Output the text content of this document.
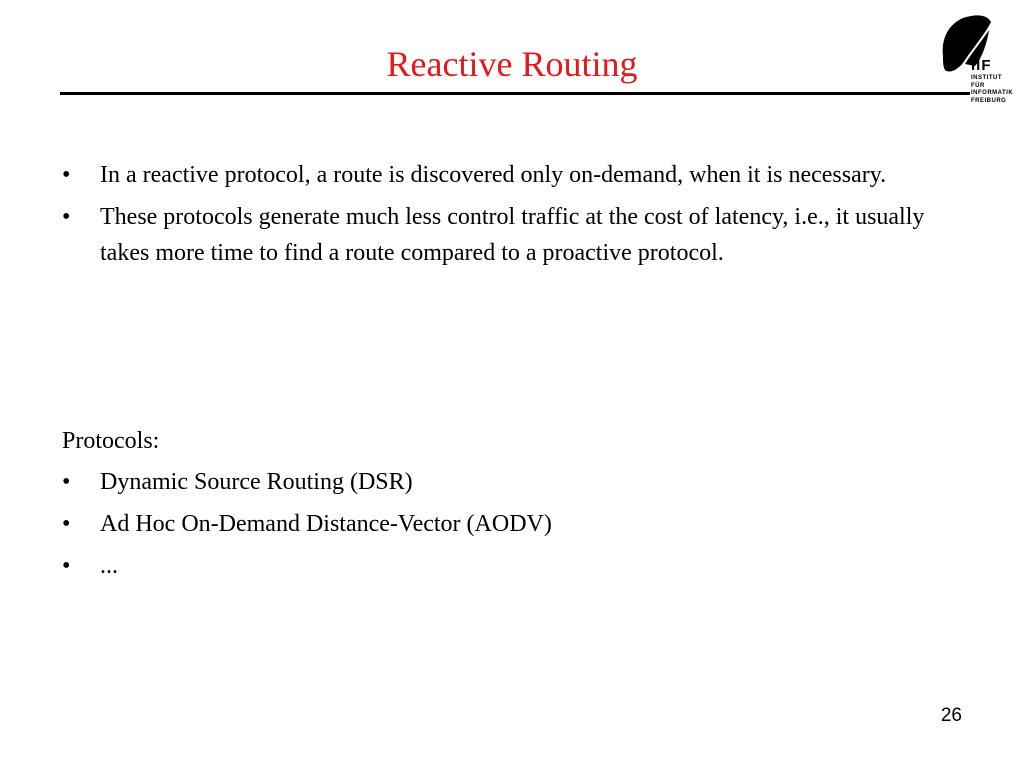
Reactive Routing	IIF
INSTITUT FÜR
INFORMATIK
FREIBURG
• In a reactive protocol, a route is discovered only on-demand, when it is necessary.
• These protocols generate much less control traffic at the cost of latency, i.e., it usually takes more time to find a route compared to a proactive protocol.
Protocols:
• Dynamic Source Routing (DSR)
• Ad Hoc On-Demand Distance-Vector (AODV)
• ...
26
